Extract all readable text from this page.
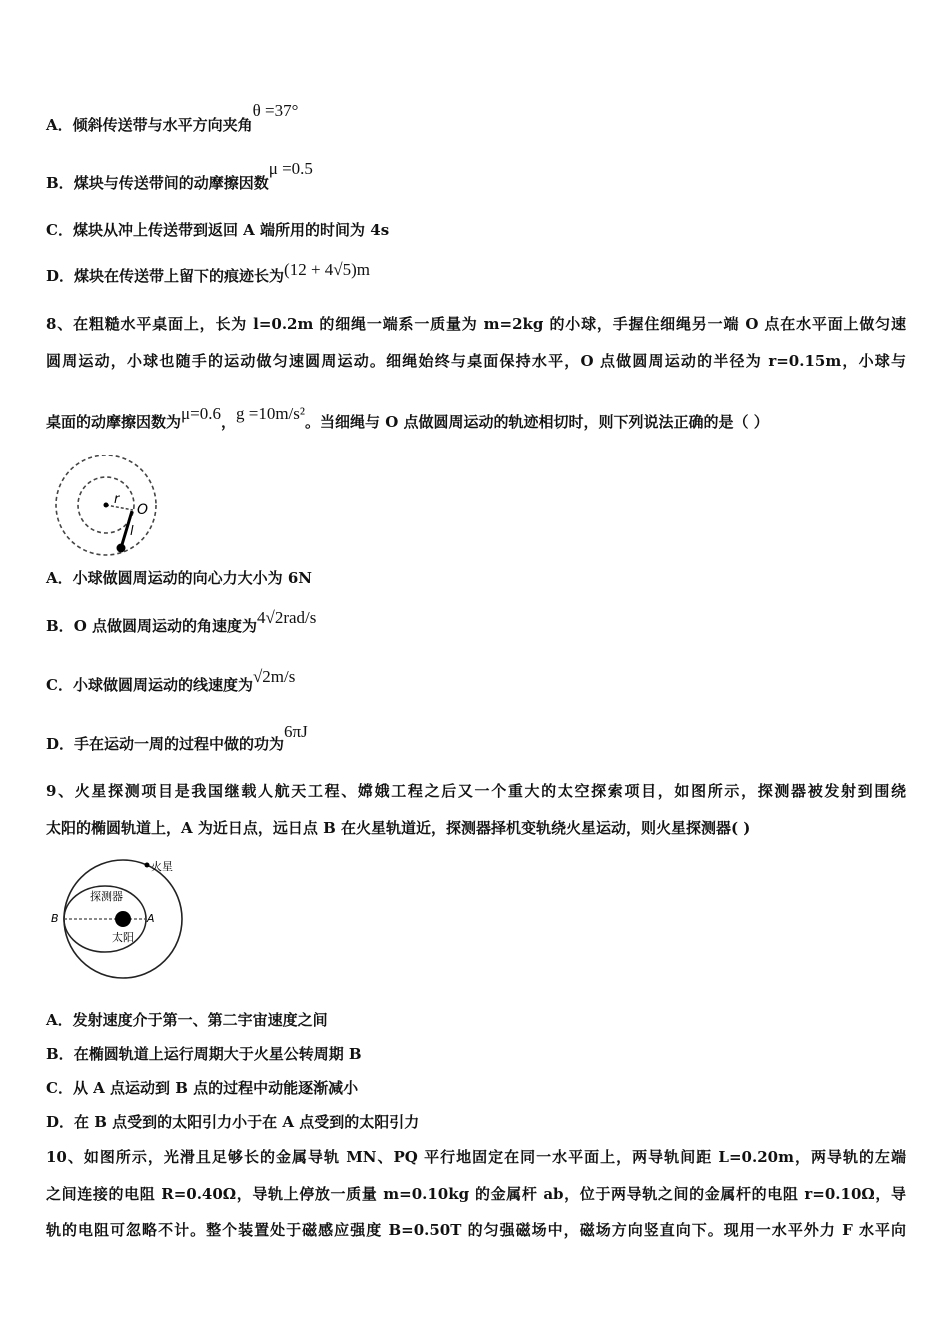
A．倾斜传送带与水平方向夹角θ =37°
B．煤块与传送带间的动摩擦因数μ =0.5
C．煤块从冲上传送带到返回 A 端所用的时间为 4s
D．煤块在传送带上留下的痕迹长为(12 + 4√5)m
8、在粗糙水平桌面上，长为 l=0.2m 的细绳一端系一质量为 m=2kg 的小球，手握住细绳另一端 O 点在水平面上做匀速
圆周运动，小球也随手的运动做匀速圆周运动。细绳始终与桌面保持水平，O 点做圆周运动的半径为 r=0.15m，小球与
桌面的动摩擦因数为μ=0.6，g =10m/s²。当细绳与 O 点做圆周运动的轨迹相切时，则下列说法正确的是（ ）
r
O
l
A．小球做圆周运动的向心力大小为 6N
B．O 点做圆周运动的角速度为4√2rad/s
C．小球做圆周运动的线速度为√2m/s
D．手在运动一周的过程中做的功为6πJ
9、火星探测项目是我国继载人航天工程、嫦娥工程之后又一个重大的太空探索项目，如图所示，探测器被发射到围绕
太阳的椭圆轨道上，A 为近日点，远日点 B 在火星轨道近，探测器择机变轨绕火星运动，则火星探测器( )
火星
探测器
太阳
A
B
A．发射速度介于第一、第二宇宙速度之间
B．在椭圆轨道上运行周期大于火星公转周期 B
C．从 A 点运动到 B 点的过程中动能逐渐减小
D．在 B 点受到的太阳引力小于在 A 点受到的太阳引力
10、如图所示，光滑且足够长的金属导轨 MN、PQ 平行地固定在同一水平面上，两导轨间距 L=0.20m，两导轨的左端
之间连接的电阻 R=0.40Ω，导轨上停放一质量 m=0.10kg 的金属杆 ab，位于两导轨之间的金属杆的电阻 r=0.10Ω，导
轨的电阻可忽略不计。整个装置处于磁感应强度 B=0.50T 的匀强磁场中，磁场方向竖直向下。现用一水平外力 F 水平向
